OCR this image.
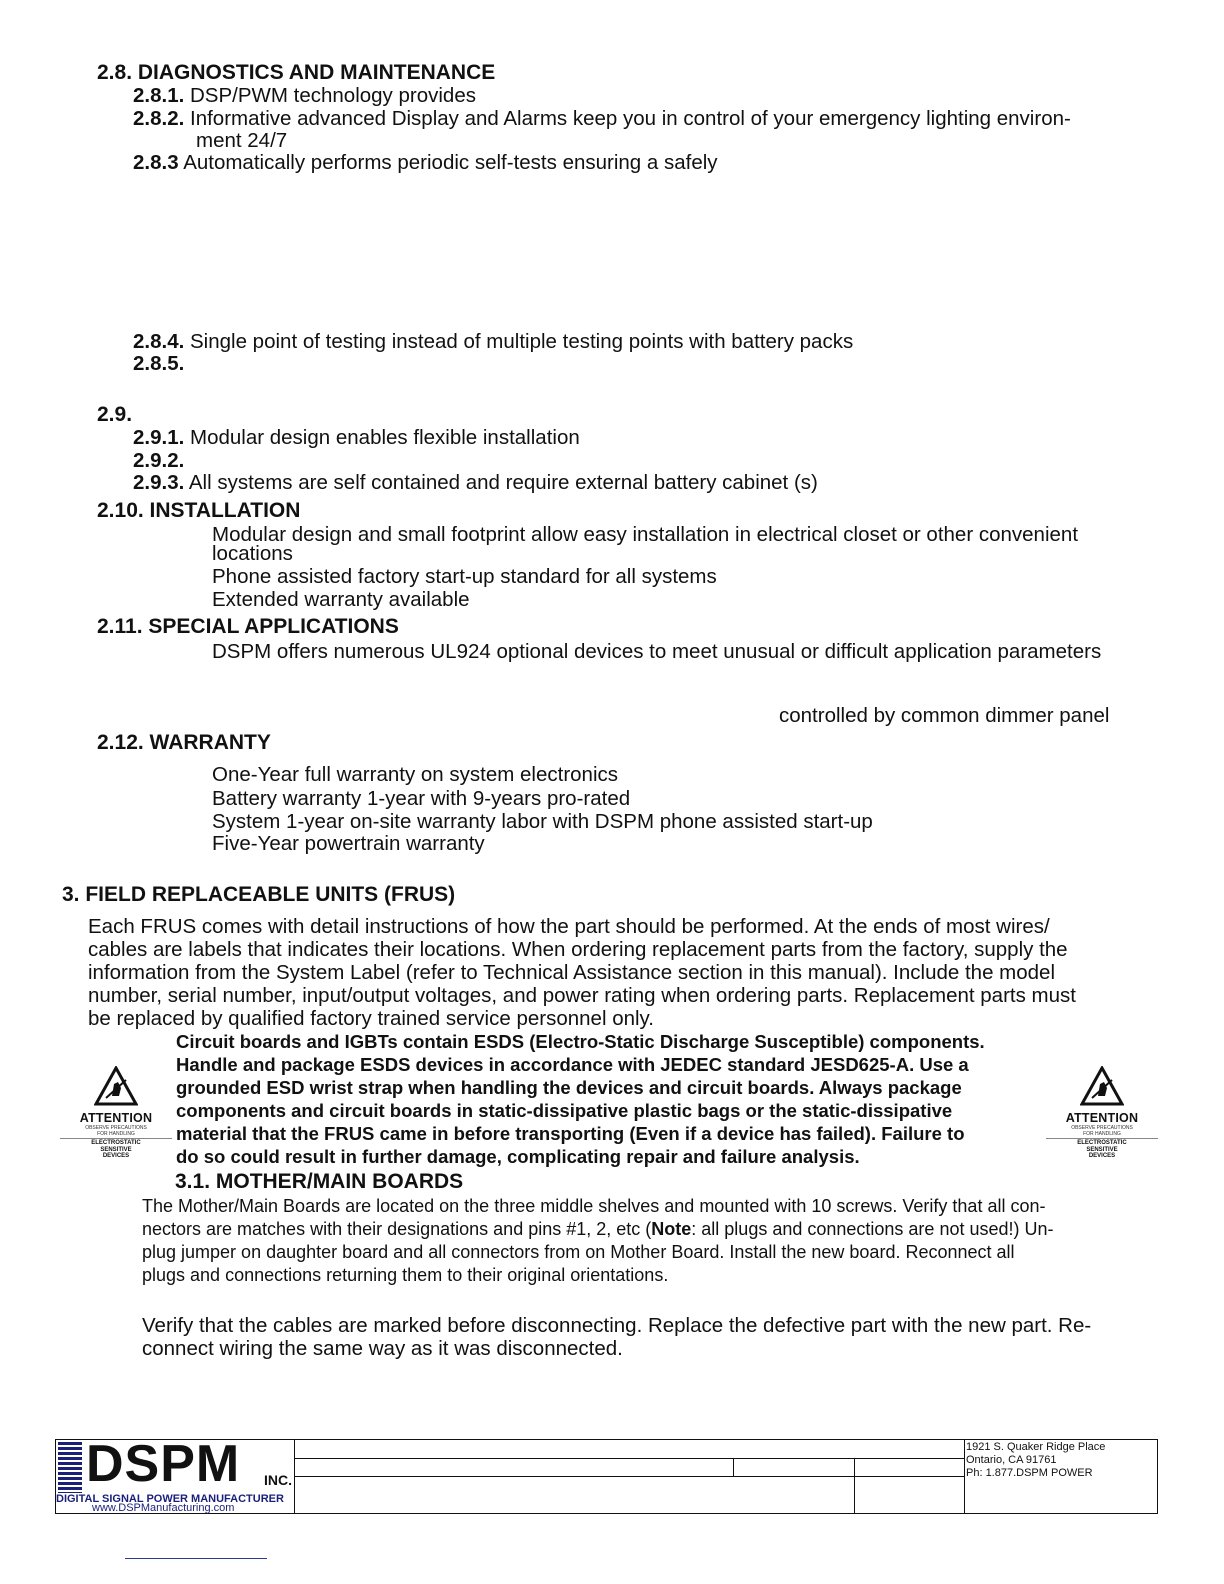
2.8. DIAGNOSTICS AND MAINTENANCE
2.8.1. DSP/PWM technology provides
2.8.2. Informative advanced Display and Alarms keep you in control of your emergency lighting environ-
ment 24/7
2.8.3 Automatically performs periodic self-tests ensuring a safely
2.8.4. Single point of testing instead of multiple testing points with battery packs
2.8.5.
2.9.
2.9.1. Modular design enables flexible installation
2.9.2.
2.9.3. All systems are self contained and require external battery cabinet (s)
2.10. INSTALLATION
Modular design and small footprint allow easy installation in electrical closet or other convenient
locations
Phone assisted factory start-up standard for all systems
Extended warranty available
2.11. SPECIAL APPLICATIONS
DSPM offers numerous UL924 optional devices to meet unusual or difficult application parameters
controlled by common dimmer panel
2.12. WARRANTY
One-Year full warranty on system electronics
Battery warranty 1-year with 9-years pro-rated
System 1-year on-site warranty labor with DSPM phone assisted start-up
Five-Year powertrain warranty
3. FIELD REPLACEABLE UNITS (FRUS)
Each FRUS comes with detail instructions of how the part should be performed. At the ends of most wires/
cables are labels that indicates their locations. When ordering replacement parts from the factory, supply the
information from the System Label (refer to Technical Assistance section in this manual). Include the model
number, serial number, input/output voltages, and power rating when ordering parts. Replacement parts must
be replaced by qualified factory trained service personnel only.
Circuit boards and IGBTs contain ESDS (Electro-Static Discharge Susceptible) components.
Handle and package ESDS devices in accordance with JEDEC standard JESD625-A. Use a
grounded ESD wrist strap when handling the devices and circuit boards. Always package
components and circuit boards in static-dissipative plastic bags or the static-dissipative
material that the FRUS came in before transporting (Even if a device has failed). Failure to
do so could result in further damage, complicating repair and failure analysis.
ATTENTION
OBSERVE PRECAUTIONS
FOR HANDLING
ELECTROSTATIC
SENSITIVE
DEVICES
ATTENTION
OBSERVE PRECAUTIONS
FOR HANDLING
ELECTROSTATIC
SENSITIVE
DEVICES
3.1. MOTHER/MAIN BOARDS
The Mother/Main Boards are located on the three middle shelves and mounted with 10 screws. Verify that all con-
nectors are matches with their designations and pins #1, 2, etc (Note: all plugs and connections are not used!) Un-
plug jumper on daughter board and all connectors from on Mother Board. Install the new board. Reconnect all
plugs and connections returning them to their original orientations.
Verify that the cables are marked before disconnecting. Replace the defective part with the new part. Re-
connect wiring the same way as it was disconnected.
DSPM INC.
DIGITAL SIGNAL POWER MANUFACTURER
www.DSPManufacturing.com
1921 S. Quaker Ridge Place
Ontario, CA 91761
Ph: 1.877.DSPM POWER
